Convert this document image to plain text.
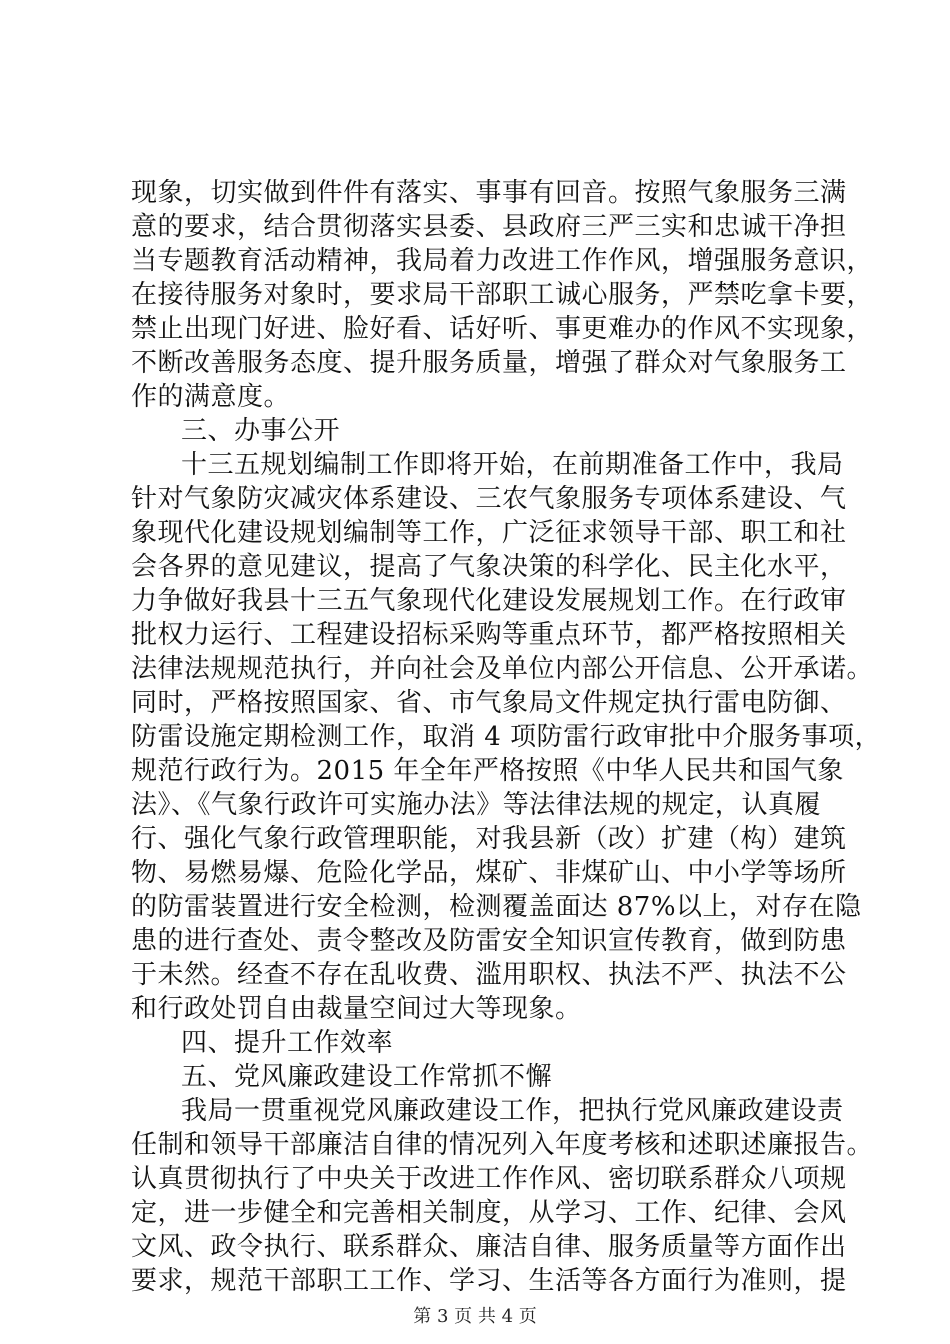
现象，切实做到件件有落实、事事有回音。按照气象服务三满
意的要求，结合贯彻落实县委、县政府三严三实和忠诚干净担
当专题教育活动精神，我局着力改进工作作风，增强服务意识，
在接待服务对象时，要求局干部职工诚心服务，严禁吃拿卡要，
禁止出现门好进、脸好看、话好听、事更难办的作风不实现象，
不断改善服务态度、提升服务质量，增强了群众对气象服务工
作的满意度。
三、办事公开
十三五规划编制工作即将开始，在前期准备工作中，我局
针对气象防灾减灾体系建设、三农气象服务专项体系建设、气
象现代化建设规划编制等工作，广泛征求领导干部、职工和社
会各界的意见建议，提高了气象决策的科学化、民主化水平，
力争做好我县十三五气象现代化建设发展规划工作。在行政审
批权力运行、工程建设招标采购等重点环节，都严格按照相关
法律法规规范执行，并向社会及单位内部公开信息、公开承诺。
同时，严格按照国家、省、市气象局文件规定执行雷电防御、
防雷设施定期检测工作，取消 4 项防雷行政审批中介服务事项，
规范行政行为。2015 年全年严格按照《中华人民共和国气象
法》、《气象行政许可实施办法》等法律法规的规定，认真履
行、强化气象行政管理职能，对我县新（改）扩建（构）建筑
物、易燃易爆、危险化学品，煤矿、非煤矿山、中小学等场所
的防雷装置进行安全检测，检测覆盖面达 87%以上，对存在隐
患的进行查处、责令整改及防雷安全知识宣传教育，做到防患
于未然。经查不存在乱收费、滥用职权、执法不严、执法不公
和行政处罚自由裁量空间过大等现象。
四、提升工作效率
五、党风廉政建设工作常抓不懈
我局一贯重视党风廉政建设工作，把执行党风廉政建设责
任制和领导干部廉洁自律的情况列入年度考核和述职述廉报告。
认真贯彻执行了中央关于改进工作作风、密切联系群众八项规
定，进一步健全和完善相关制度，从学习、工作、纪律、会风
文风、政令执行、联系群众、廉洁自律、服务质量等方面作出
要求，规范干部职工工作、学习、生活等各方面行为准则，提
第 3 页 共 4 页
